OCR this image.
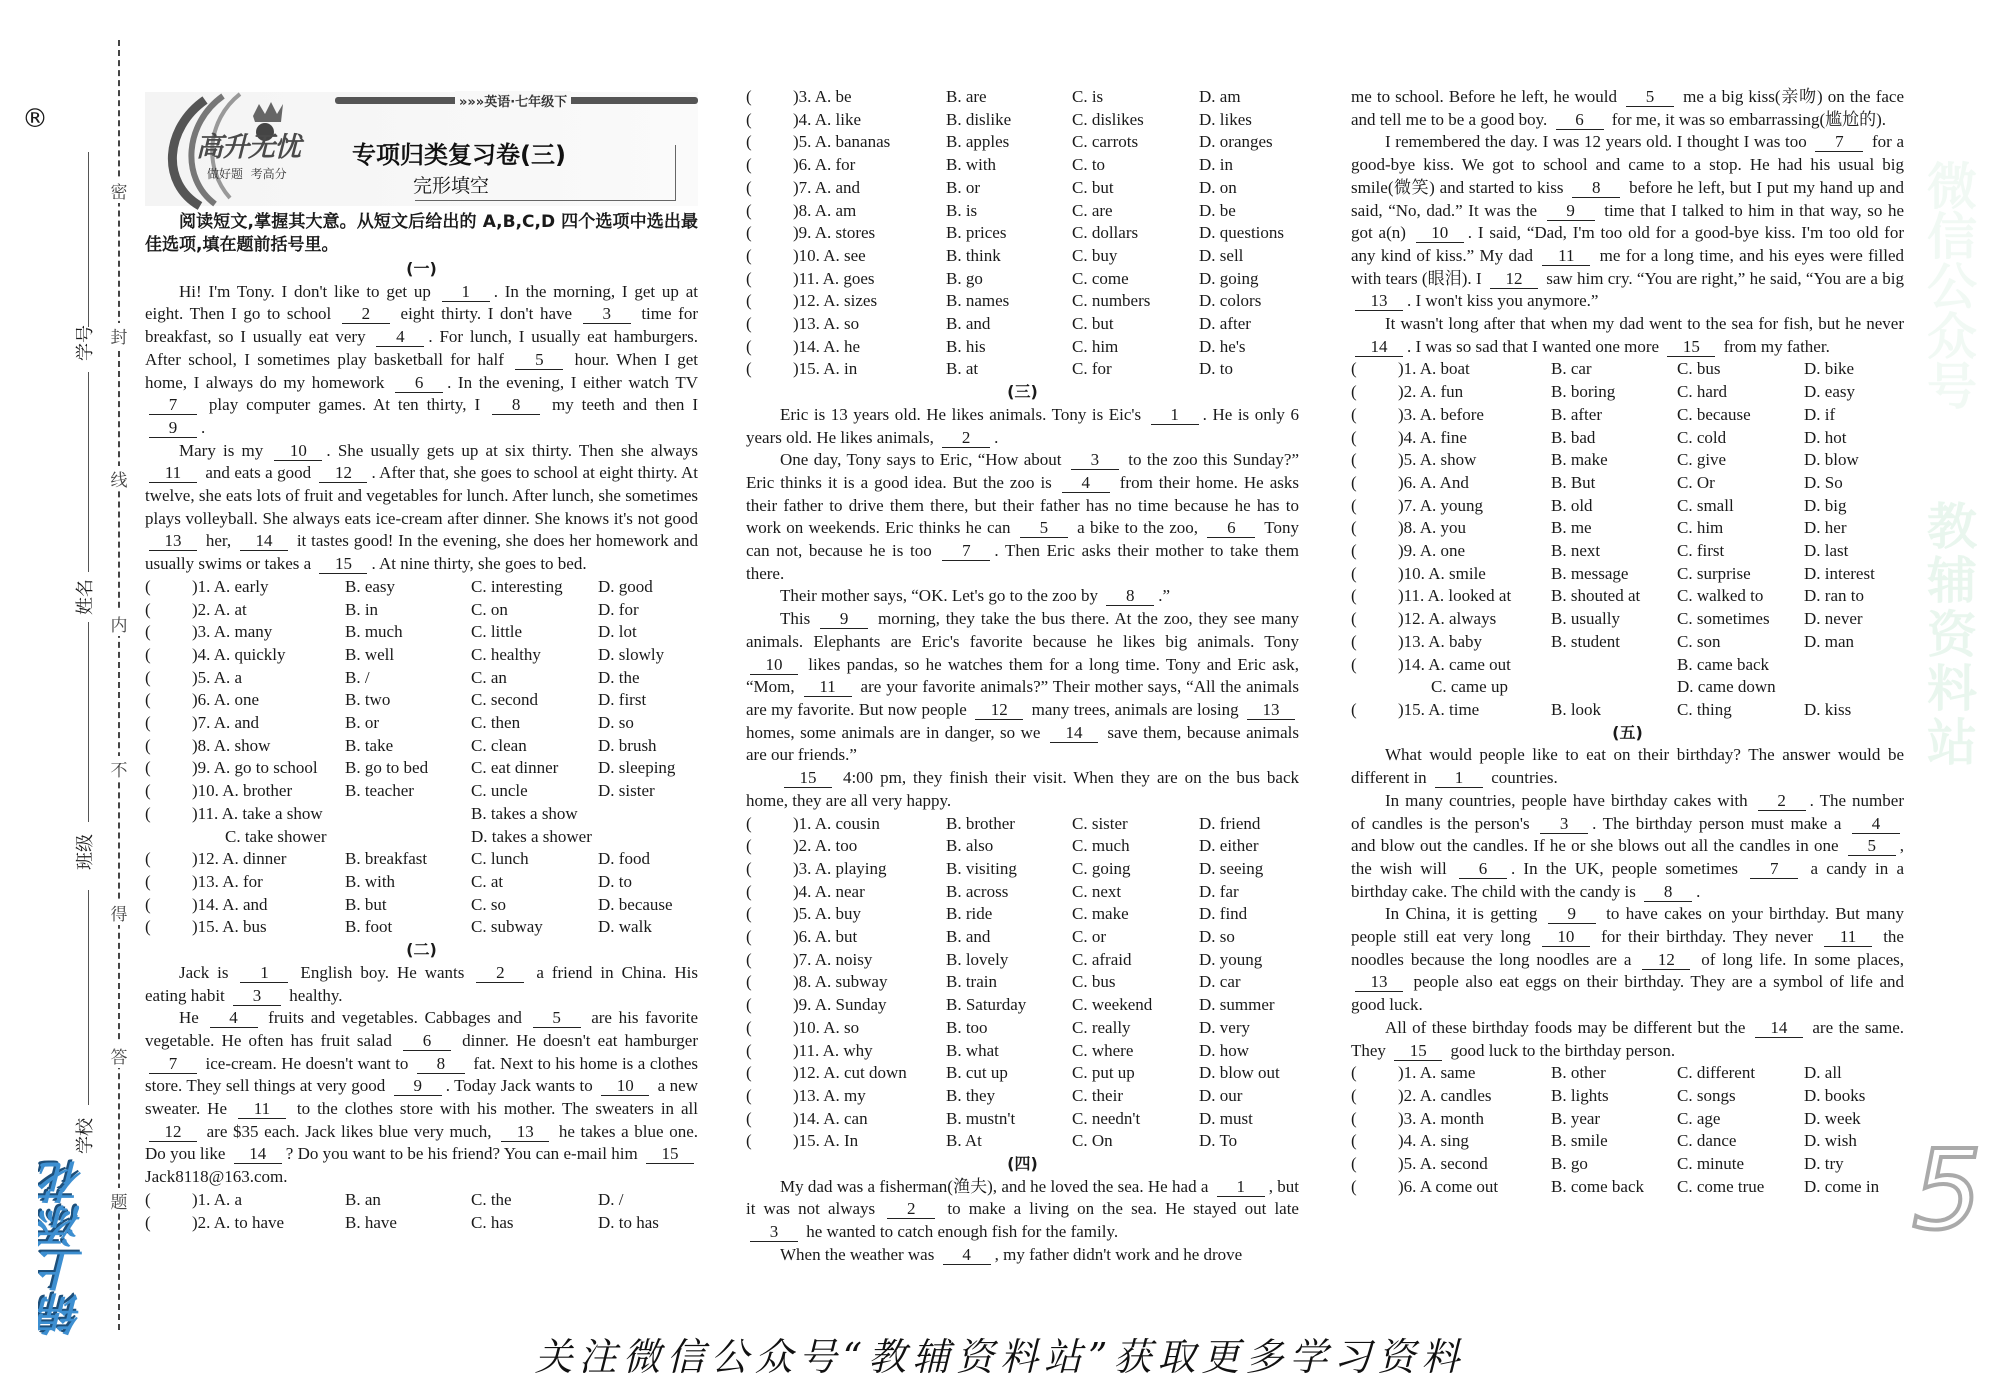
®
学号
姓名
班级
学校
密
封
线
内
不
得
答
题
锦上添花
»»»英语·七年级下
高升无忧
做好题  考高分
专项归类复习卷(三)
完形填空

阅读短文,掌握其大意。从短文后给出的 A,B,C,D 四个选项中选出最佳选项,填在题前括号里。

(一)

Hi! I'm Tony. I don't like to get up 1 . In the morning, I get up at eight. Then I go to school 2 eight thirty. I don't have 3 time for breakfast, so I usually eat very 4 . For lunch, I usually eat hamburgers. After school, I sometimes play basketball for half 5 hour. When I get home, I always do my homework 6 . In the evening, I either watch TV 7 play computer games. At ten thirty, I 8 my teeth and then I 9 .

Mary is my 10 . She usually gets up at six thirty. Then she always 11 and eats a good 12 . After that, she goes to school at eight thirty. At twelve, she eats lots of fruit and vegetables for lunch. After lunch, she sometimes plays volleyball. She always eats ice-cream after dinner. She knows it's not good 13 her, 14 it tastes good! In the evening, she does her homework and usually swims or takes a 15 . At nine thirty, she goes to bed.

(	)1. A. early	B. easy	C. interesting	D. good
(	)2. A. at	B. in	C. on	D. for
(	)3. A. many	B. much	C. little	D. lot
(	)4. A. quickly	B. well	C. healthy	D. slowly
(	)5. A. a	B. /	C. an	D. the
(	)6. A. one	B. two	C. second	D. first
(	)7. A. and	B. or	C. then	D. so
(	)8. A. show	B. take	C. clean	D. brush
(	)9. A. go to school	B. go to bed	C. eat dinner	D. sleeping
(	)10. A. brother	B. teacher	C. uncle	D. sister
(	)11. A. take a show	B. takes a show
C. take shower	D. takes a shower
(	)12. A. dinner	B. breakfast	C. lunch	D. food
(	)13. A. for	B. with	C. at	D. to
(	)14. A. and	B. but	C. so	D. because
(	)15. A. bus	B. foot	C. subway	D. walk
(二)

Jack is 1 English boy. He wants 2 a friend in China. His eating habit 3 healthy.

He 4 fruits and vegetables. Cabbages and 5 are his favorite vegetable. He often has fruit salad 6 dinner. He doesn't eat hamburger 7 ice-cream. He doesn't want to 8 fat. Next to his home is a clothes store. They sell things at very good 9 . Today Jack wants to 10 a new sweater. He 11 to the clothes store with his mother. The sweaters in all 12 are $35 each. Jack likes blue very much, 13 he takes a blue one. Do you like 14 ? Do you want to be his friend? You can e-mail him 15 Jack8118@163.com.

(	)1. A. a	B. an	C. the	D. /
(	)2. A. to have	B. have	C. has	D. to has
(	)3. A. be	B. are	C. is	D. am
(	)4. A. like	B. dislike	C. dislikes	D. likes
(	)5. A. bananas	B. apples	C. carrots	D. oranges
(	)6. A. for	B. with	C. to	D. in
(	)7. A. and	B. or	C. but	D. on
(	)8. A. am	B. is	C. are	D. be
(	)9. A. stores	B. prices	C. dollars	D. questions
(	)10. A. see	B. think	C. buy	D. sell
(	)11. A. goes	B. go	C. come	D. going
(	)12. A. sizes	B. names	C. numbers	D. colors
(	)13. A. so	B. and	C. but	D. after
(	)14. A. he	B. his	C. him	D. he's
(	)15. A. in	B. at	C. for	D. to
(三)

Eric is 13 years old. He likes animals. Tony is Eic's 1 . He is only 6 years old. He likes animals, 2 .

One day, Tony says to Eric, “How about 3 to the zoo this Sunday?” Eric thinks it is a good idea. But the zoo is 4 from their home. He asks their father to drive them there, but their father has no time because he has to work on weekends. Eric thinks he can 5 a bike to the zoo, 6 Tony can not, because he is too 7 . Then Eric asks their mother to take them there.

Their mother says, “OK. Let's go to the zoo by 8 .”

This 9 morning, they take the bus there. At the zoo, they see many animals. Elephants are Eric's favorite because he likes big animals. Tony 10 likes pandas, so he watches them for a long time. Tony and Eric ask, “Mom, 11 are your favorite animals?” Their mother says, “All the animals are my favorite. But now people 12 many trees, animals are losing 13 homes, some animals are in danger, so we 14 save them, because animals are our friends.”

15 4:00 pm, they finish their visit. When they are on the bus back home, they are all very happy.

(	)1. A. cousin	B. brother	C. sister	D. friend
(	)2. A. too	B. also	C. much	D. either
(	)3. A. playing	B. visiting	C. going	D. seeing
(	)4. A. near	B. across	C. next	D. far
(	)5. A. buy	B. ride	C. make	D. find
(	)6. A. but	B. and	C. or	D. so
(	)7. A. noisy	B. lovely	C. afraid	D. young
(	)8. A. subway	B. train	C. bus	D. car
(	)9. A. Sunday	B. Saturday	C. weekend	D. summer
(	)10. A. so	B. too	C. really	D. very
(	)11. A. why	B. what	C. where	D. how
(	)12. A. cut down	B. cut up	C. put up	D. blow out
(	)13. A. my	B. they	C. their	D. our
(	)14. A. can	B. mustn't	C. needn't	D. must
(	)15. A. In	B. At	C. On	D. To
(四)

My dad was a fisherman(渔夫), and he loved the sea. He had a 1 , but it was not always 2 to make a living on the sea. He stayed out late 3 he wanted to catch enough fish for the family.

When the weather was 4 , my father didn't work and he drove

me to school. Before he left, he would 5 me a big kiss(亲吻) on the face and tell me to be a good boy. 6 for me, it was so embarrassing(尴尬的).

I remembered the day. I was 12 years old. I thought I was too 7 for a good-bye kiss. We got to school and came to a stop. He had his usual big smile(微笑) and started to kiss 8 before he left, but I put my hand up and said, “No, dad.” It was the 9 time that I talked to him in that way, so he got a(n) 10 . I said, “Dad, I'm too old for a good-bye kiss. I'm too old for any kind of kiss.” My dad 11 me for a long time, and his eyes were filled with tears (眼泪). I 12 saw him cry. “You are right,” he said, “You are a big 13 . I won't kiss you anymore.”

It wasn't long after that when my dad went to the sea for fish, but he never 14 . I was so sad that I wanted one more 15 from my father.

(	)1. A. boat	B. car	C. bus	D. bike
(	)2. A. fun	B. boring	C. hard	D. easy
(	)3. A. before	B. after	C. because	D. if
(	)4. A. fine	B. bad	C. cold	D. hot
(	)5. A. show	B. make	C. give	D. blow
(	)6. A. And	B. But	C. Or	D. So
(	)7. A. young	B. old	C. small	D. big
(	)8. A. you	B. me	C. him	D. her
(	)9. A. one	B. next	C. first	D. last
(	)10. A. smile	B. message	C. surprise	D. interest
(	)11. A. looked at	B. shouted at	C. walked to	D. ran to
(	)12. A. always	B. usually	C. sometimes	D. never
(	)13. A. baby	B. student	C. son	D. man
(	)14. A. came out	B. came back
C. came up	D. came down
(	)15. A. time	B. look	C. thing	D. kiss
(五)

What would people like to eat on their birthday? The answer would be different in 1 countries.

In many countries, people have birthday cakes with 2 . The number of candles is the person's 3 . The birthday person must make a 4 and blow out the candles. If he or she blows out all the candles in one 5 , the wish will 6 . In the UK, people sometimes 7 a candy in a birthday cake. The child with the candy is 8 .

In China, it is getting 9 to have cakes on your birthday. But many people still eat very long 10 for their birthday. They never 11 the noodles because the long noodles are a 12 of long life. In some places, 13 people also eat eggs on their birthday. They are a symbol of life and good luck.

All of these birthday foods may be different but the 14 are the same. They 15 good luck to the birthday person.

(	)1. A. same	B. other	C. different	D. all
(	)2. A. candles	B. lights	C. songs	D. books
(	)3. A. month	B. year	C. age	D. week
(	)4. A. sing	B. smile	C. dance	D. wish
(	)5. A. second	B. go	C. minute	D. try
(	)6. A come out	B. come back	C. come true	D. come in 5
微信公众号
教辅资料站
关注微信公众号“教辅资料站”获取更多学习资料
